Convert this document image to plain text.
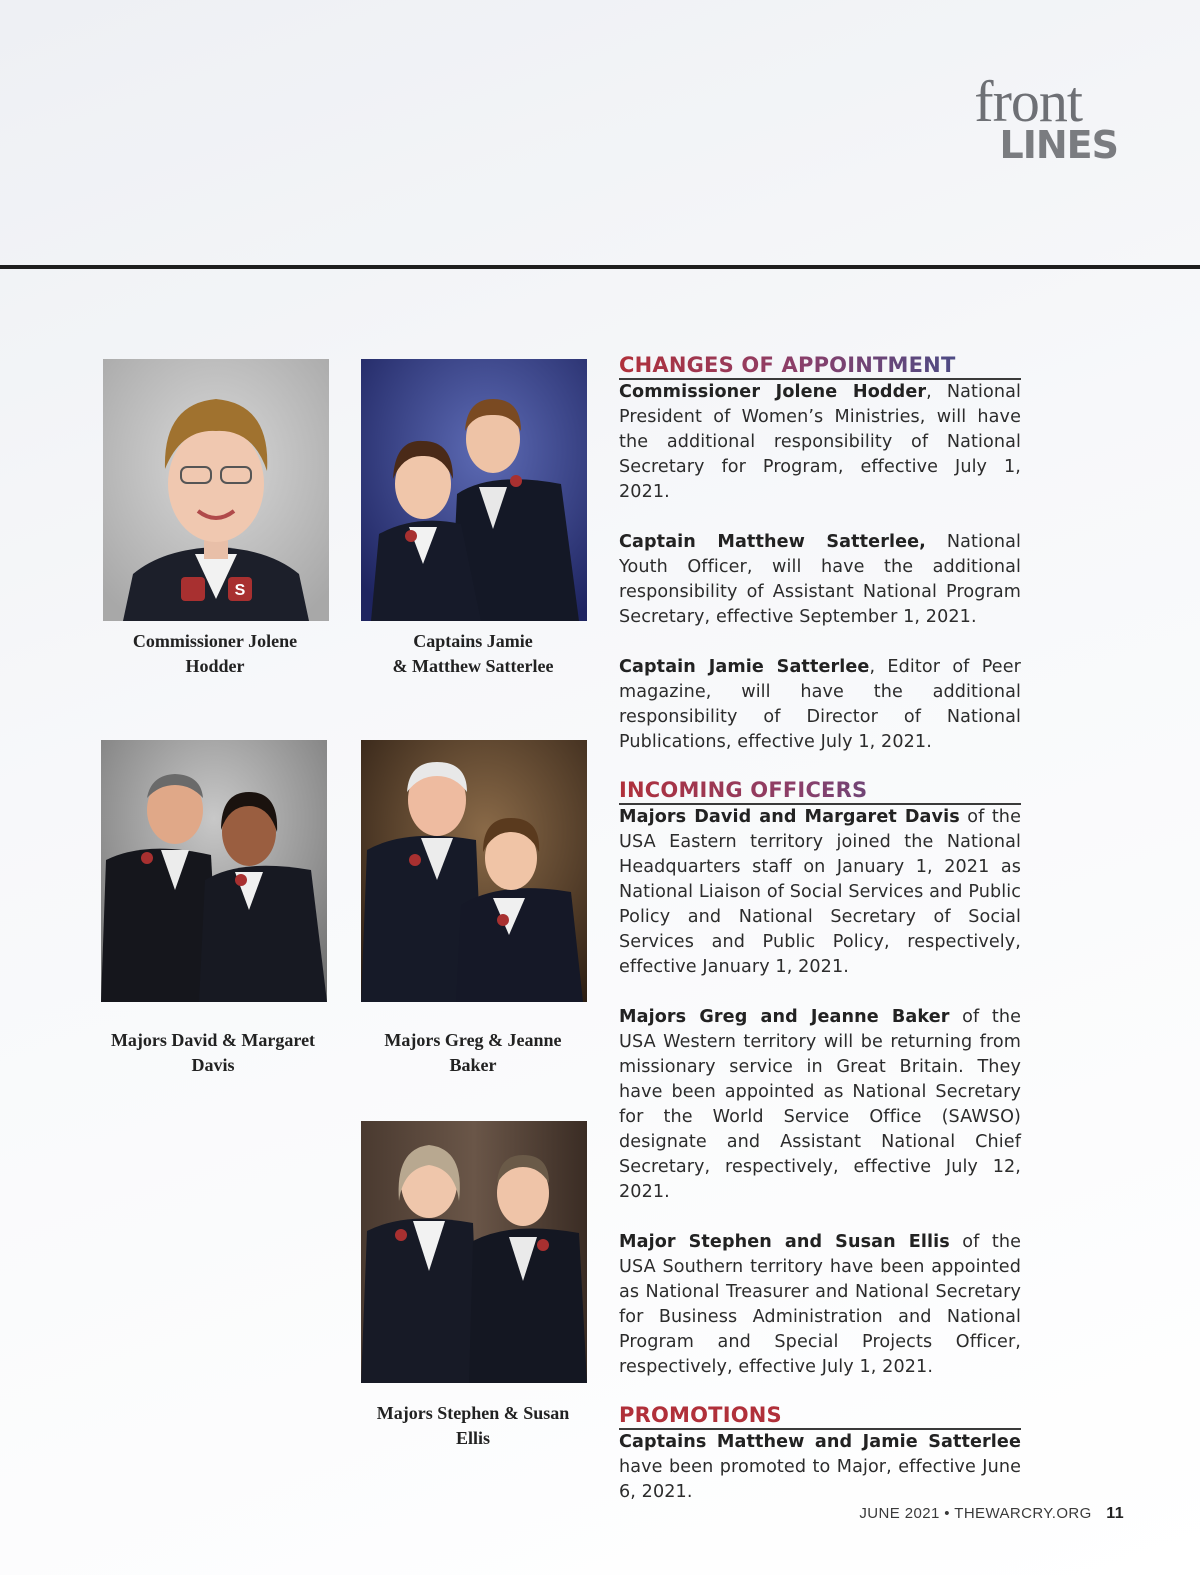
front
LINES
S
Commissioner Jolene
Hodder
Captains Jamie
& Matthew Satterlee
Majors David & Margaret
Davis
Majors Greg & Jeanne
Baker
Majors Stephen & Susan
Ellis
CHANGES OF APPOINTMENT

Commissioner Jolene Hodder, National President of Women’s Ministries, will have the additional responsibility of National Secretary for Program, effective July 1, 2021.

Captain Matthew Satterlee, National Youth Officer, will have the additional responsibility of Assistant National Program Secretary, effective September 1, 2021.

Captain Jamie Satterlee, Editor of Peer magazine, will have the additional responsibility of Director of National Publications, effective July 1, 2021.

INCOMING OFFICERS

Majors David and Margaret Davis of the USA Eastern territory joined the National Headquarters staff on January 1, 2021 as National Liaison of Social Services and Public Policy and National Secretary of Social Services and Public Policy, respectively, effective January 1, 2021.

Majors Greg and Jeanne Baker of the USA Western territory will be returning from missionary service in Great Britain. They have been appointed as National Secretary for the World Service Office (SAWSO) designate and Assistant National Chief Secretary, respectively, effective July 12, 2021.

Major Stephen and Susan Ellis of the USA Southern territory have been appointed as National Treasurer and National Secretary for Business Administration and National Program and Special Projects Officer, respectively, effective July 1, 2021.

PROMOTIONS

Captains Matthew and Jamie Satterlee have been promoted to Major, effective June 6, 2021.

JUNE 2021 • THEWARCRY.ORG 11
